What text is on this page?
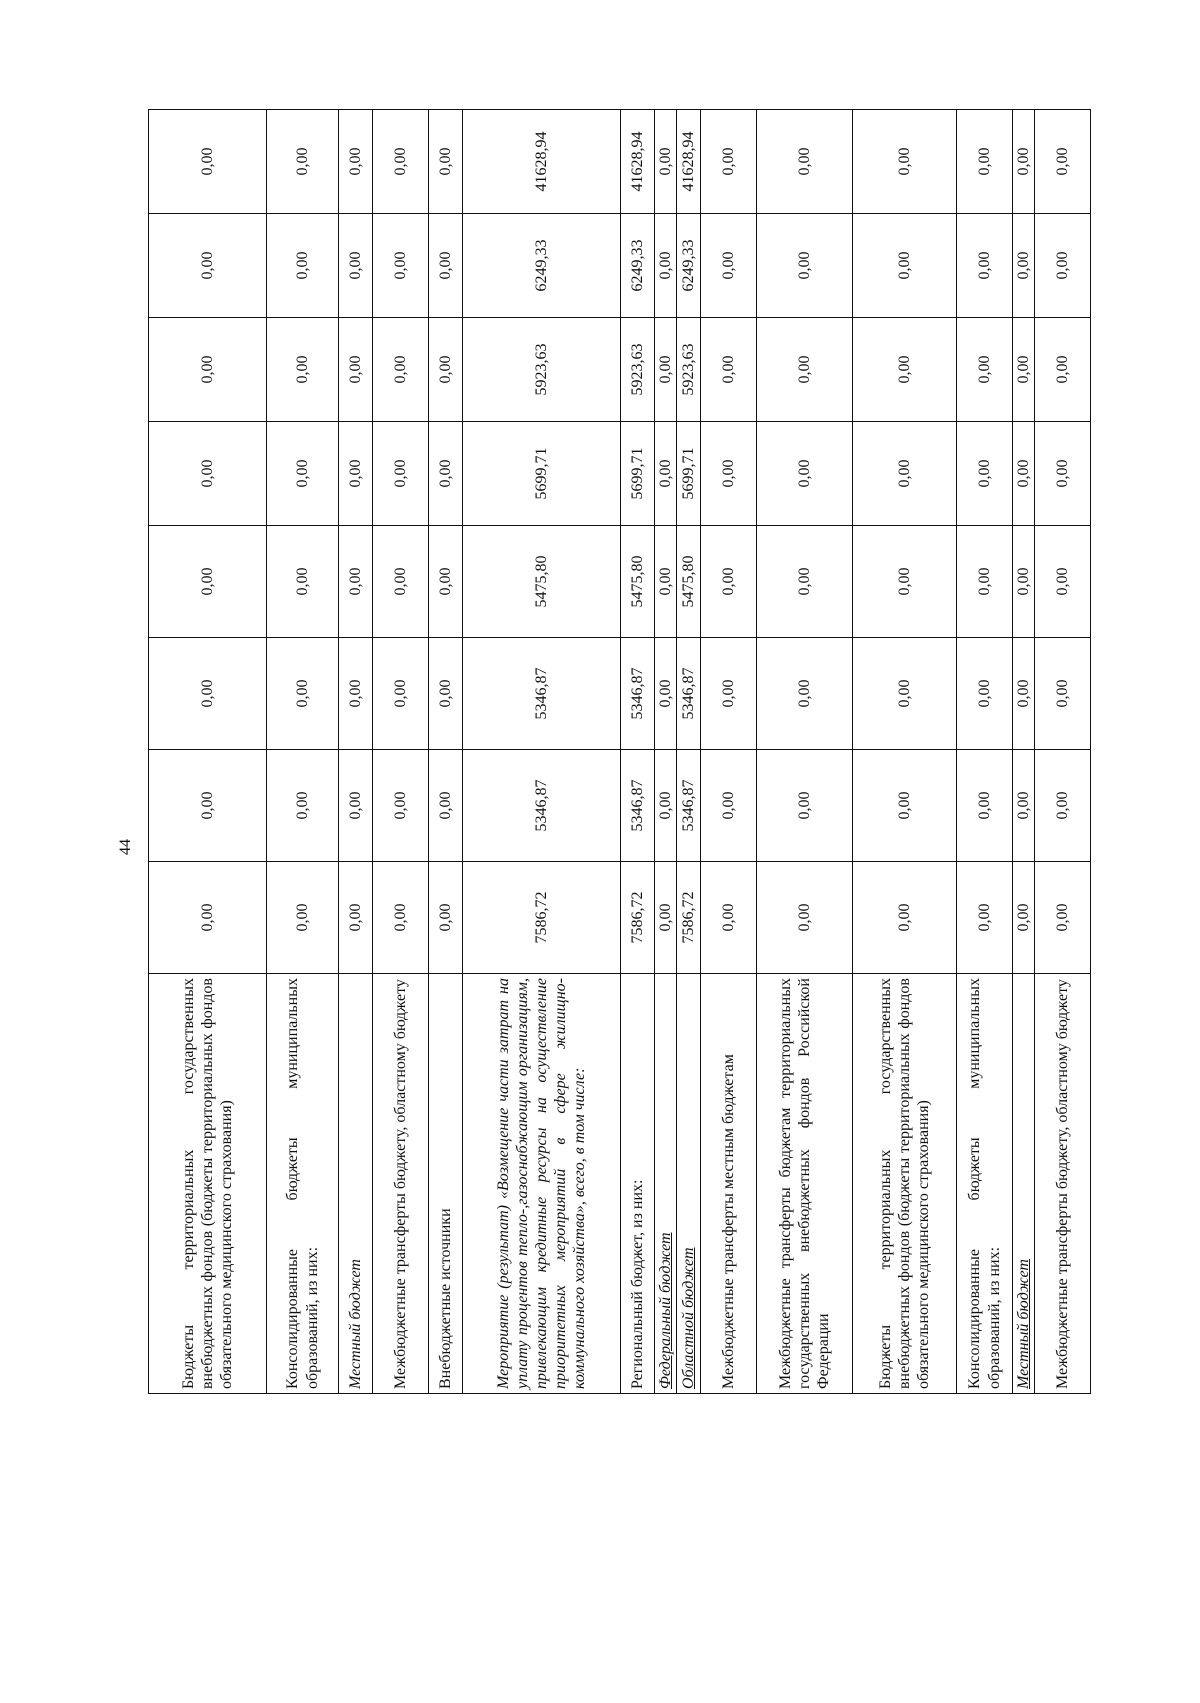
44
Бюджеты территориальных государственных внебюджетных фондов (бюджеты территориальных фондов обязательного медицинского страхования)	0,00	0,00	0,00	0,00	0,00	0,00	0,00	0,00
Консолидированные бюджеты муниципальных образований, из них:	0,00	0,00	0,00	0,00	0,00	0,00	0,00	0,00
Местный бюджет	0,00	0,00	0,00	0,00	0,00	0,00	0,00	0,00
Межбюджетные трансферты бюджету, областному бюджету	0,00	0,00	0,00	0,00	0,00	0,00	0,00	0,00
Внебюджетные источники	0,00	0,00	0,00	0,00	0,00	0,00	0,00	0,00
Мероприятие (результат) «Возмещение части затрат на уплату процентов тепло-,газоснабжающим организациям, привлекающим кредитные ресурсы на осуществление приоритетных мероприятий в сфере жилищно-коммунального хозяйства», всего, в том числе:	7586,72	5346,87	5346,87	5475,80	5699,71	5923,63	6249,33	41628,94
Региональный бюджет, из них:	7586,72	5346,87	5346,87	5475,80	5699,71	5923,63	6249,33	41628,94
Федеральный бюджет	0,00	0,00	0,00	0,00	0,00	0,00	0,00	0,00
Областной бюджет	7586,72	5346,87	5346,87	5475,80	5699,71	5923,63	6249,33	41628,94
Межбюджетные трансферты местным бюджетам	0,00	0,00	0,00	0,00	0,00	0,00	0,00	0,00
Межбюджетные трансферты бюджетам территориальных государственных внебюджетных фондов Российской Федерации	0,00	0,00	0,00	0,00	0,00	0,00	0,00	0,00
Бюджеты территориальных государственных внебюджетных фондов (бюджеты территориальных фондов обязательного медицинского страхования)	0,00	0,00	0,00	0,00	0,00	0,00	0,00	0,00
Консолидированные бюджеты муниципальных образований, из них:	0,00	0,00	0,00	0,00	0,00	0,00	0,00	0,00
Местный бюджет	0,00	0,00	0,00	0,00	0,00	0,00	0,00	0,00
Межбюджетные трансферты бюджету, областному бюджету	0,00	0,00	0,00	0,00	0,00	0,00	0,00	0,00
